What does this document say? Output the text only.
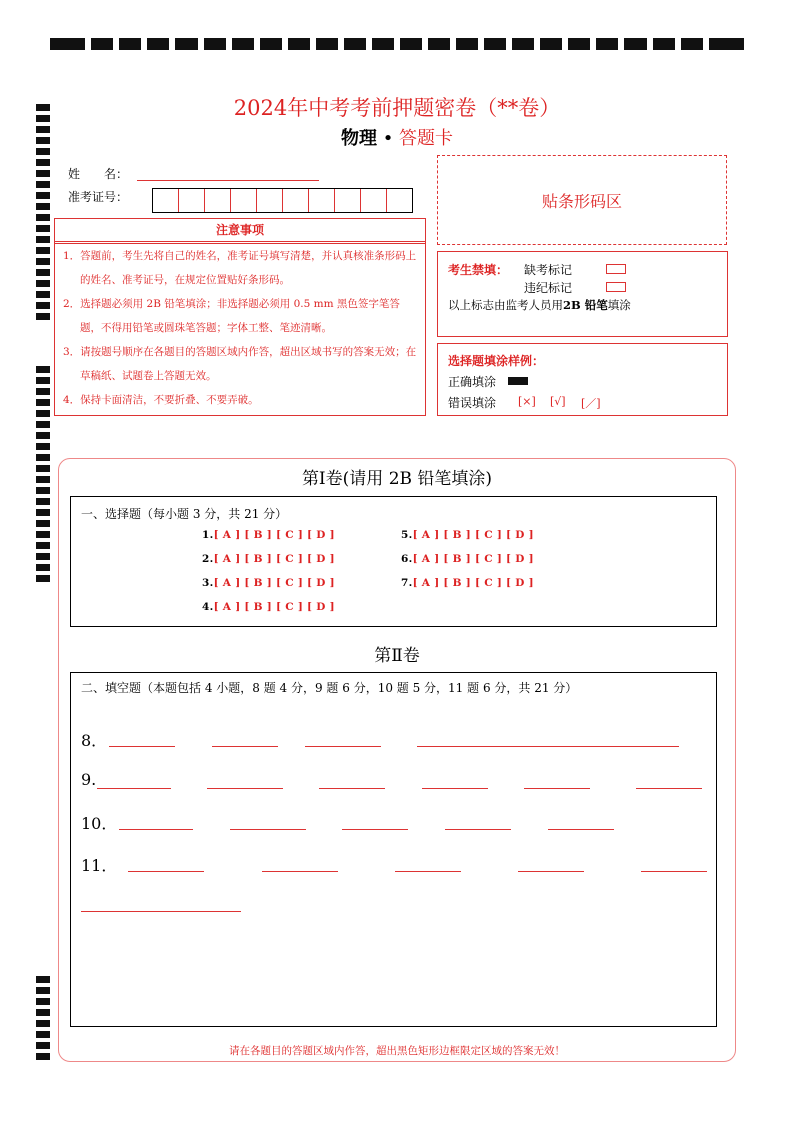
2024年中考考前押题密卷（**卷）
物理 • 答题卡
姓　　名：
准考证号：	贴条形码区
注意事项

1．答题前，考生先将自己的姓名，准考证号填写清楚，并认真核准条形码上的姓名、准考证号，在规定位置贴好条形码。

2．选择题必须用 2B 铅笔填涂；非选择题必须用 0.5 mm 黑色签字笔答题，不得用铅笔或圆珠笔答题；字体工整、笔迹清晰。

3．请按题号顺序在各题目的答题区域内作答，超出区域书写的答案无效；在草稿纸、试题卷上答题无效。

4．保持卡面清洁，不要折叠、不要弄破。

考生禁填： 缺考标记
违纪标记
以上标志由监考人员用2B 铅笔填涂
选择题填涂样例：
正确填涂
错误填涂 [×] [√] [／]
第Ⅰ卷(请用 2B 铅笔填涂)
一、选择题（每小题 3 分，共 21 分）
1.[ A ] [ B ] [ C ] [ D ]
2.[ A ] [ B ] [ C ] [ D ]
3.[ A ] [ B ] [ C ] [ D ]
4.[ A ] [ B ] [ C ] [ D ]
5.[ A ] [ B ] [ C ] [ D ]
6.[ A ] [ B ] [ C ] [ D ]
7.[ A ] [ B ] [ C ] [ D ]
第Ⅱ卷
二、填空题（本题包括 4 小题，8 题 4 分，9 题 6 分，10 题 5 分，11 题 6 分，共 21 分）
8．
9.
10．
11．
请在各题目的答题区域内作答，超出黑色矩形边框限定区域的答案无效！
